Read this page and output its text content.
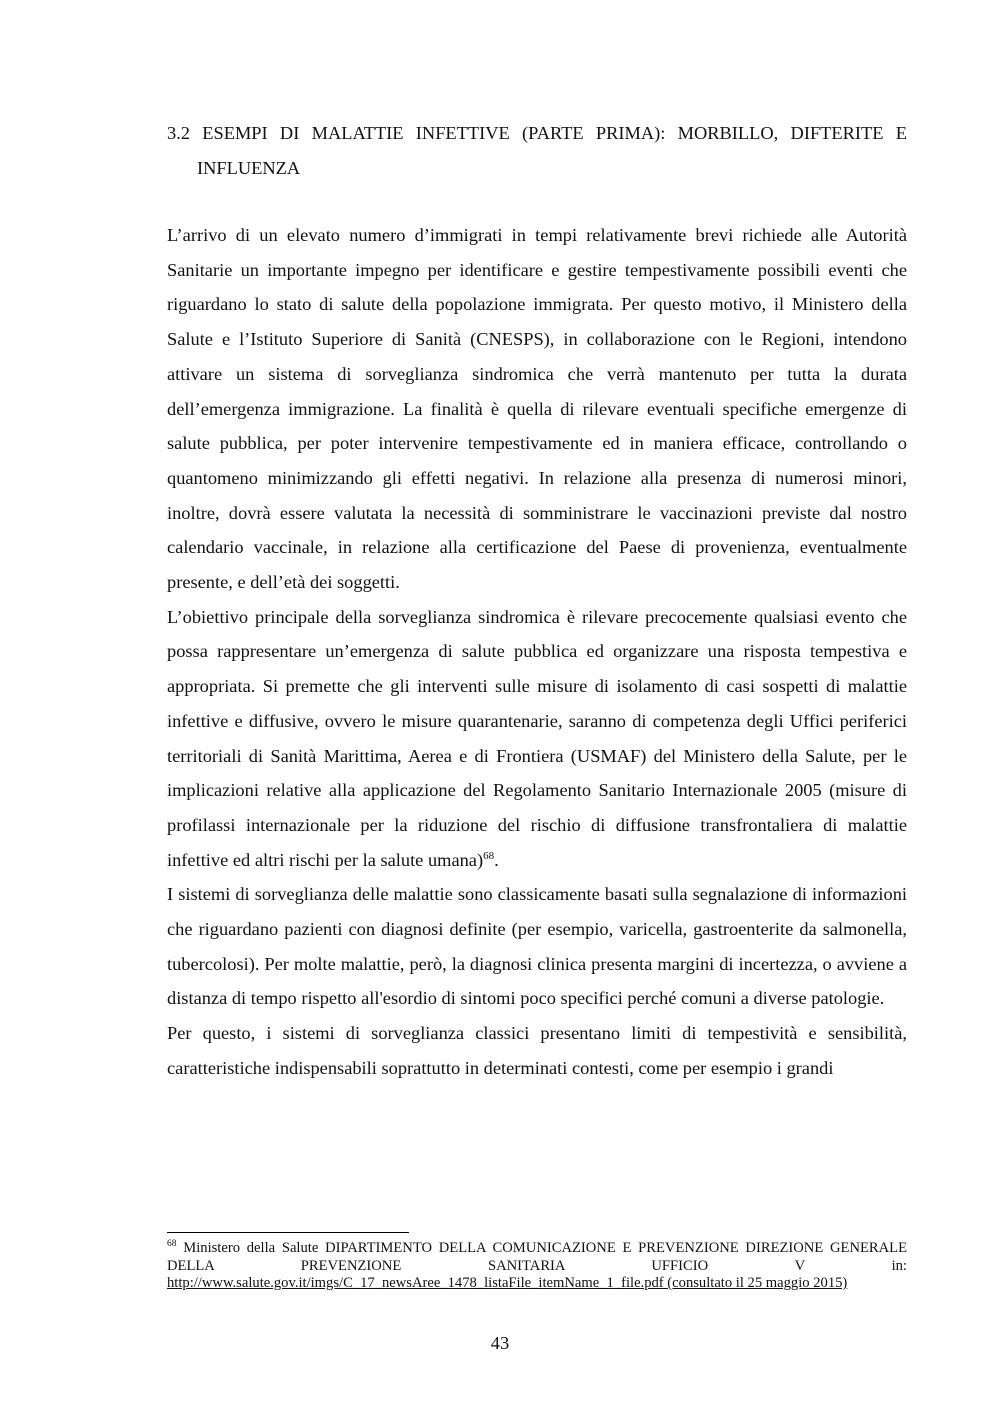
3.2 ESEMPI DI MALATTIE INFETTIVE (PARTE PRIMA): MORBILLO, DIFTERITE E INFLUENZA

L’arrivo di un elevato numero d’immigrati in tempi relativamente brevi richiede alle Autorità Sanitarie un importante impegno per identificare e gestire tempestivamente possibili eventi che riguardano lo stato di salute della popolazione immigrata. Per questo motivo, il Ministero della Salute e l’Istituto Superiore di Sanità (CNESPS), in collaborazione con le Regioni, intendono attivare un sistema di sorveglianza sindromica che verrà mantenuto per tutta la durata dell’emergenza immigrazione. La finalità è quella di rilevare eventuali specifiche emergenze di salute pubblica, per poter intervenire tempestivamente ed in maniera efficace, controllando o quantomeno minimizzando gli effetti negativi. In relazione alla presenza di numerosi minori, inoltre, dovrà essere valutata la necessità di somministrare le vaccinazioni previste dal nostro calendario vaccinale, in relazione alla certificazione del Paese di provenienza, eventualmente presente, e dell’età dei soggetti.

L’obiettivo principale della sorveglianza sindromica è rilevare precocemente qualsiasi evento che possa rappresentare un’emergenza di salute pubblica ed organizzare una risposta tempestiva e appropriata. Si premette che gli interventi sulle misure di isolamento di casi sospetti di malattie infettive e diffusive, ovvero le misure quarantenarie, saranno di competenza degli Uffici periferici territoriali di Sanità Marittima, Aerea e di Frontiera (USMAF) del Ministero della Salute, per le implicazioni relative alla applicazione del Regolamento Sanitario Internazionale 2005 (misure di profilassi internazionale per la riduzione del rischio di diffusione transfrontaliera di malattie infettive ed altri rischi per la salute umana)$^{68}$.

I sistemi di sorveglianza delle malattie sono classicamente basati sulla segnalazione di informazioni che riguardano pazienti con diagnosi definite (per esempio, varicella, gastroenterite da salmonella, tubercolosi). Per molte malattie, però, la diagnosi clinica presenta margini di incertezza, o avviene a distanza di tempo rispetto all'esordio di sintomi poco specifici perché comuni a diverse patologie.

Per questo, i sistemi di sorveglianza classici presentano limiti di tempestività e sensibilità, caratteristiche indispensabili soprattutto in determinati contesti, come per esempio i grandi

$^{68}$ Ministero della Salute DIPARTIMENTO DELLA COMUNICAZIONE E PREVENZIONE DIREZIONE GENERALE DELLA PREVENZIONE SANITARIA UFFICIO V in: http://www.salute.gov.it/imgs/C_17_newsAree_1478_listaFile_itemName_1_file.pdf (consultato il 25 maggio 2015)
43
